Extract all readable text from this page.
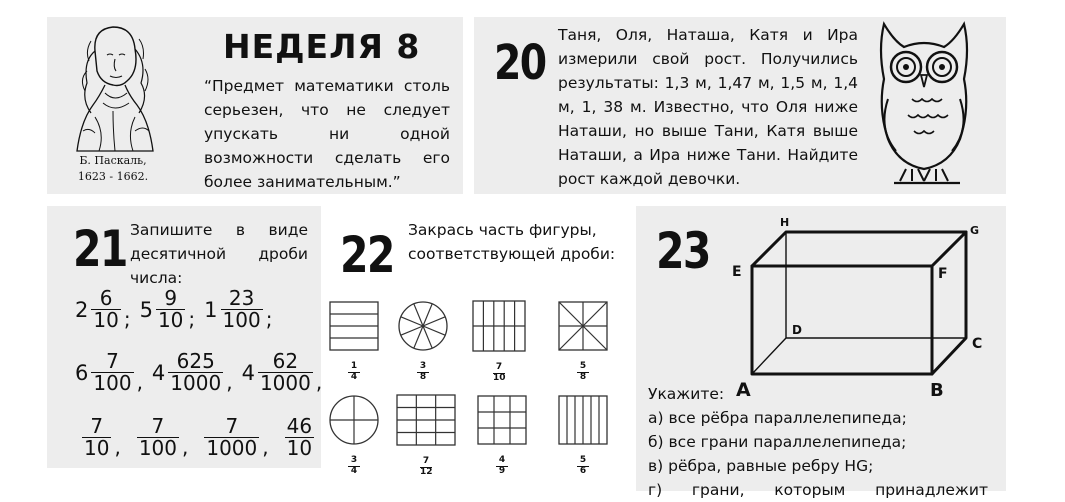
Б. Паскаль,
1623 - 1662.
НЕДЕЛЯ 8
“Предмет математики столь серьезен, что не следует упускать ни одной возможности сделать его более занимательным.”
20 Таня, Оля, Наташа, Катя и Ира измерили свой рост. Получились результаты: 1,3 м, 1,47 м, 1,5 м, 1,4 м, 1, 38 м. Известно, что Оля ниже Наташи, но выше Тани, Катя выше Наташи, а Ира ниже Тани. Найдите рост каждой девочки.
21 Запишите в виде десятичной дроби числа:
$2 \frac{6}{10}$ ; $5 \frac{9}{10}$ ; $1 \frac{23}{100}$ ;
$6 \frac{7}{100}$ , $4 \frac{625}{1000}$ , $4 \frac{62}{1000}$ ,
$\frac{7}{10}$ , $\frac{7}{100}$ , $\frac{7}{1000}$ , $\frac{46}{10}$
22 Закрась часть фигуры, соответствующей дроби:
$\frac{1}{4}$	$\frac{3}{8}$	$\frac{7}{10}$	$\frac{5}{8}$
$\frac{3}{4}$	$\frac{7}{12}$	$\frac{4}{9}$	$\frac{5}{6}$
23	H
G
E	F
D
C
A	B
Укажите:
а) все рёбра параллелепипеда;
б) все грани параллелепипеда;
в) рёбра, равные ребру HG;
г) грани, которым принадлежит
